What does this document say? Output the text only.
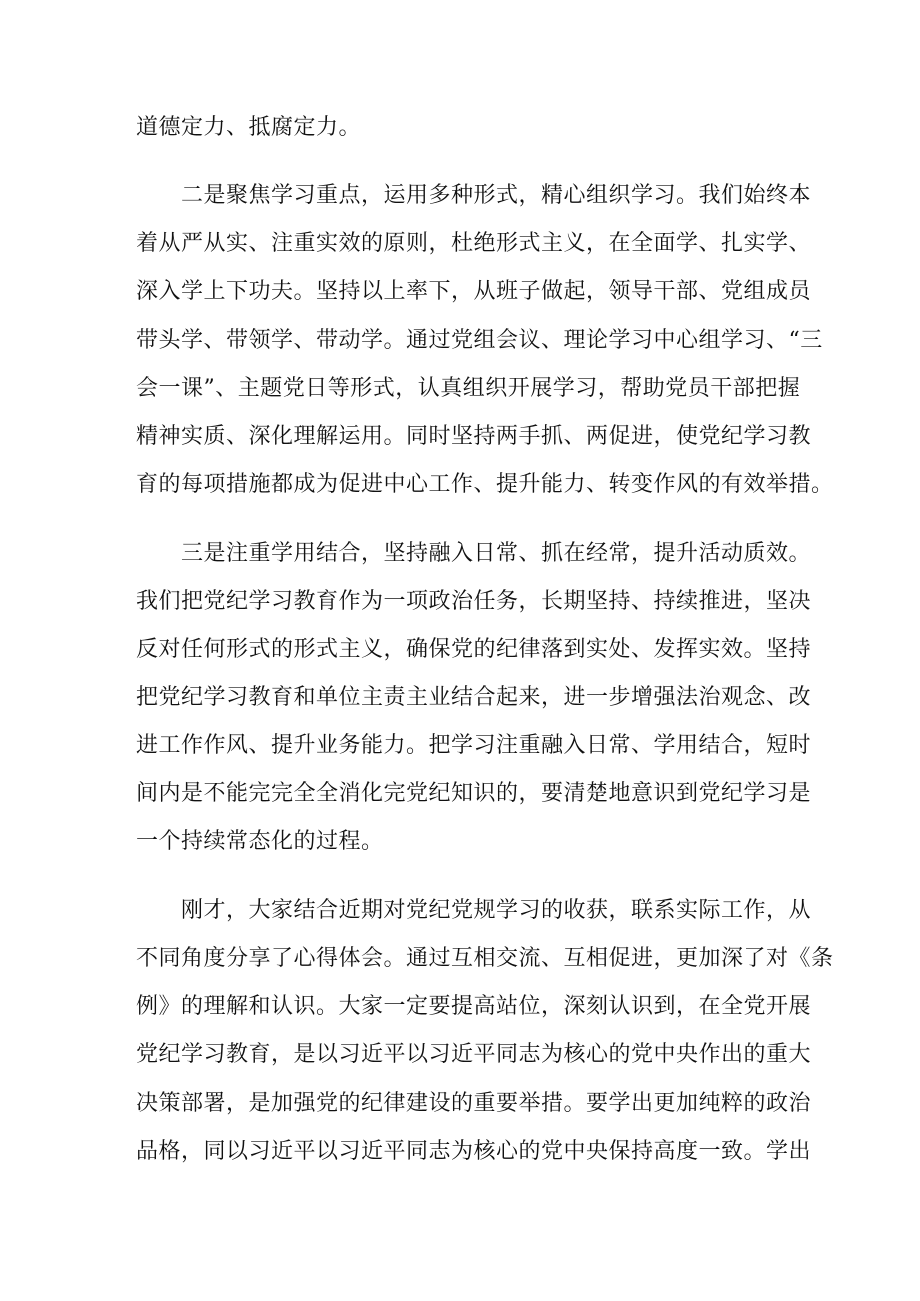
道德定力、抵腐定力。
二是聚焦学习重点，运用多种形式，精心组织学习。我们始终本
着从严从实、注重实效的原则，杜绝形式主义，在全面学、扎实学、
深入学上下功夫。坚持以上率下，从班子做起，领导干部、党组成员
带头学、带领学、带动学。通过党组会议、理论学习中心组学习、“三
会一课”、主题党日等形式，认真组织开展学习，帮助党员干部把握
精神实质、深化理解运用。同时坚持两手抓、两促进，使党纪学习教
育的每项措施都成为促进中心工作、提升能力、转变作风的有效举措。
三是注重学用结合，坚持融入日常、抓在经常，提升活动质效。
我们把党纪学习教育作为一项政治任务，长期坚持、持续推进，坚决
反对任何形式的形式主义，确保党的纪律落到实处、发挥实效。坚持
把党纪学习教育和单位主责主业结合起来，进一步增强法治观念、改
进工作作风、提升业务能力。把学习注重融入日常、学用结合，短时
间内是不能完完全全消化完党纪知识的，要清楚地意识到党纪学习是
一个持续常态化的过程。
刚才，大家结合近期对党纪党规学习的收获，联系实际工作，从
不同角度分享了心得体会。通过互相交流、互相促进，更加深了对《条
例》的理解和认识。大家一定要提高站位，深刻认识到，在全党开展
党纪学习教育，是以习近平以习近平同志为核心的党中央作出的重大
决策部署，是加强党的纪律建设的重要举措。要学出更加纯粹的政治
品格，同以习近平以习近平同志为核心的党中央保持高度一致。学出
